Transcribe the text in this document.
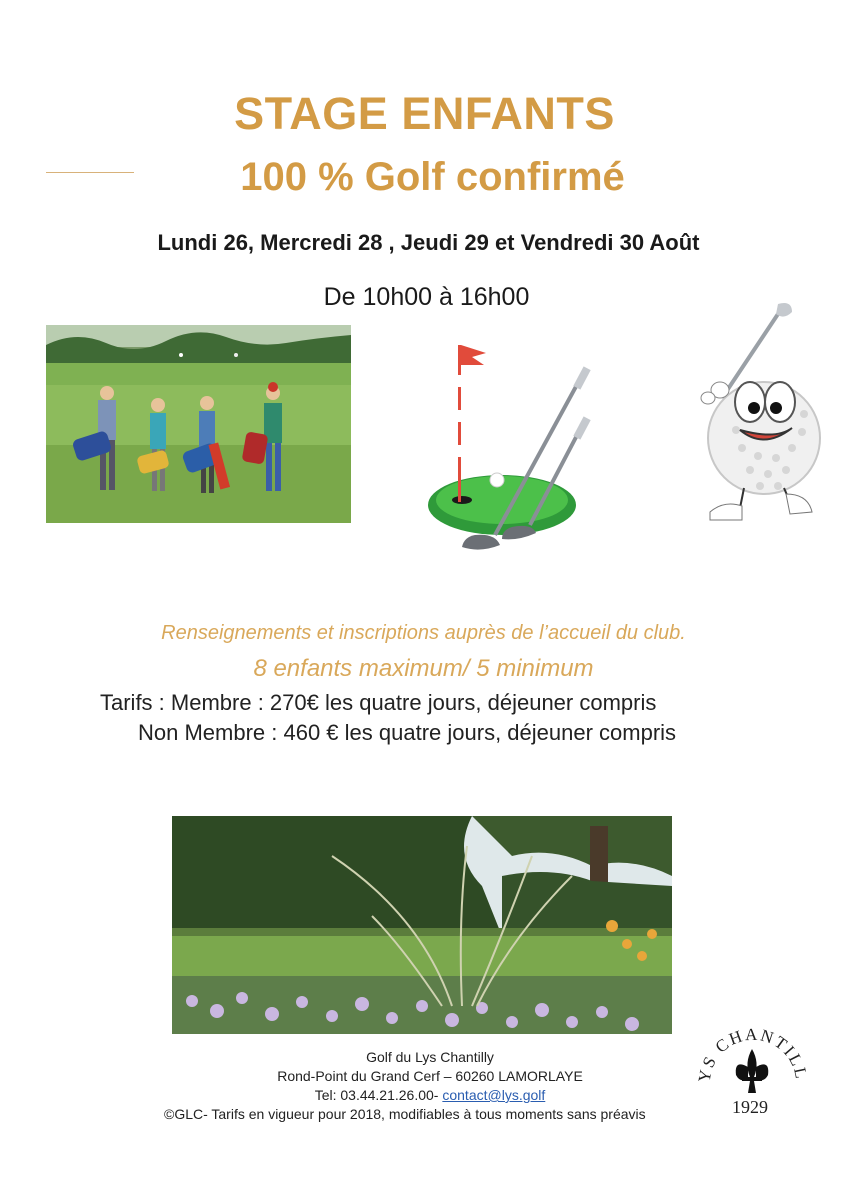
STAGE ENFANTS
100 % Golf confirmé
Lundi 26, Mercredi 28 , Jeudi 29 et Vendredi 30 Août
De 10h00 à 16h00
Renseignements et inscriptions auprès de l’accueil du club.
8 enfants maximum/ 5 minimum
Tarifs : Membre : 270€ les quatre jours, déjeuner compris
Non Membre : 460 € les quatre jours, déjeuner compris
Golf du Lys Chantilly
Rond-Point du Grand Cerf – 60260 LAMORLAYE
Tel: 03.44.21.26.00- contact@lys.golf
©GLC- Tarifs en vigueur pour 2018, modifiables à tous moments sans préavis
YS CHANTILL
1929
